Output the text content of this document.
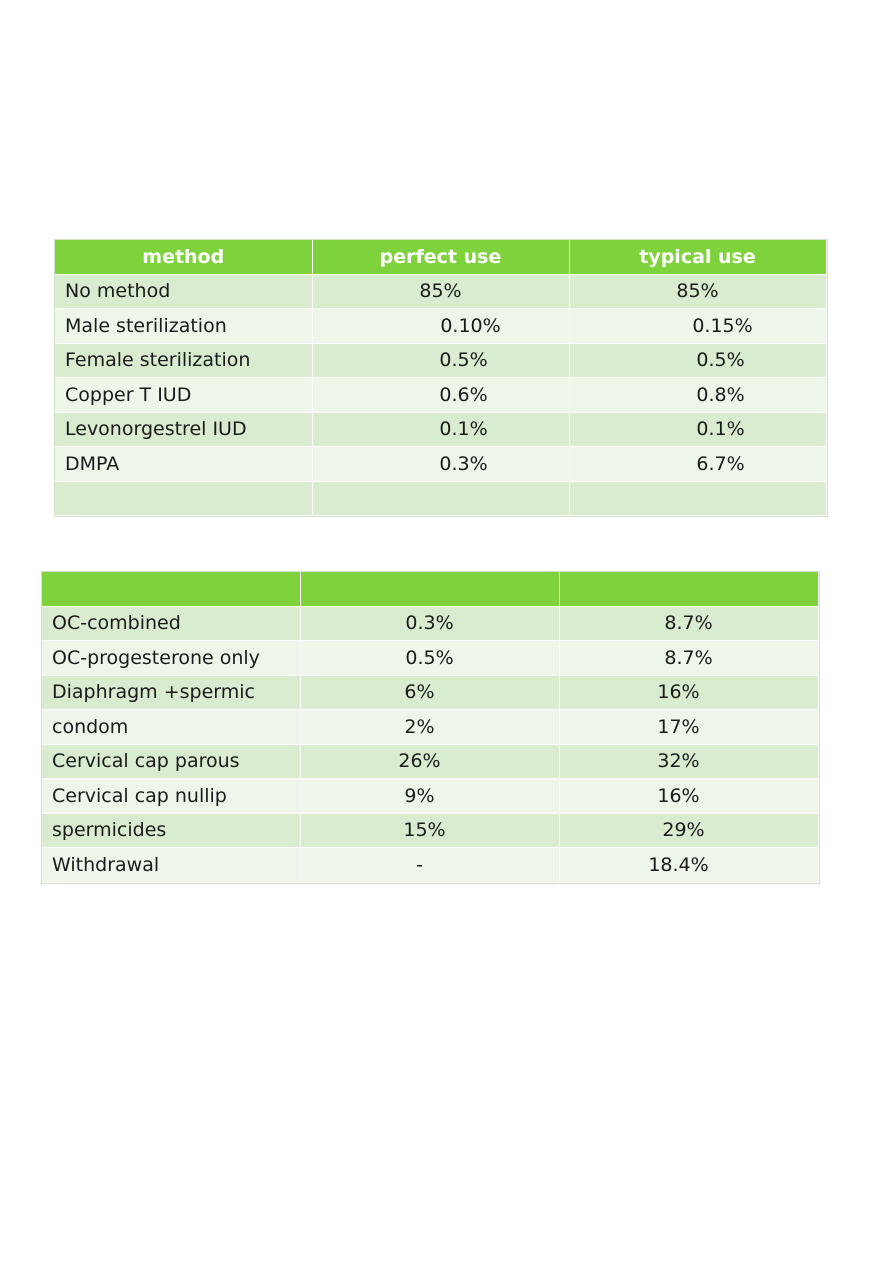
method	perfect use	typical use
No method	85%	85%
Male sterilization	0.10%	0.15%
Female sterilization	0.5%	0.5%
Copper T IUD	0.6%	0.8%
Levonorgestrel IUD	0.1%	0.1%
DMPA	0.3%	6.7%

OC-combined	0.3%	8.7%
OC-progesterone only	0.5%	8.7%
Diaphragm +spermic	6%	16%
condom	2%	17%
Cervical cap parous	26%	32%
Cervical cap nullip	9%	16%
spermicides	15%	29%
Withdrawal	-	18.4%
